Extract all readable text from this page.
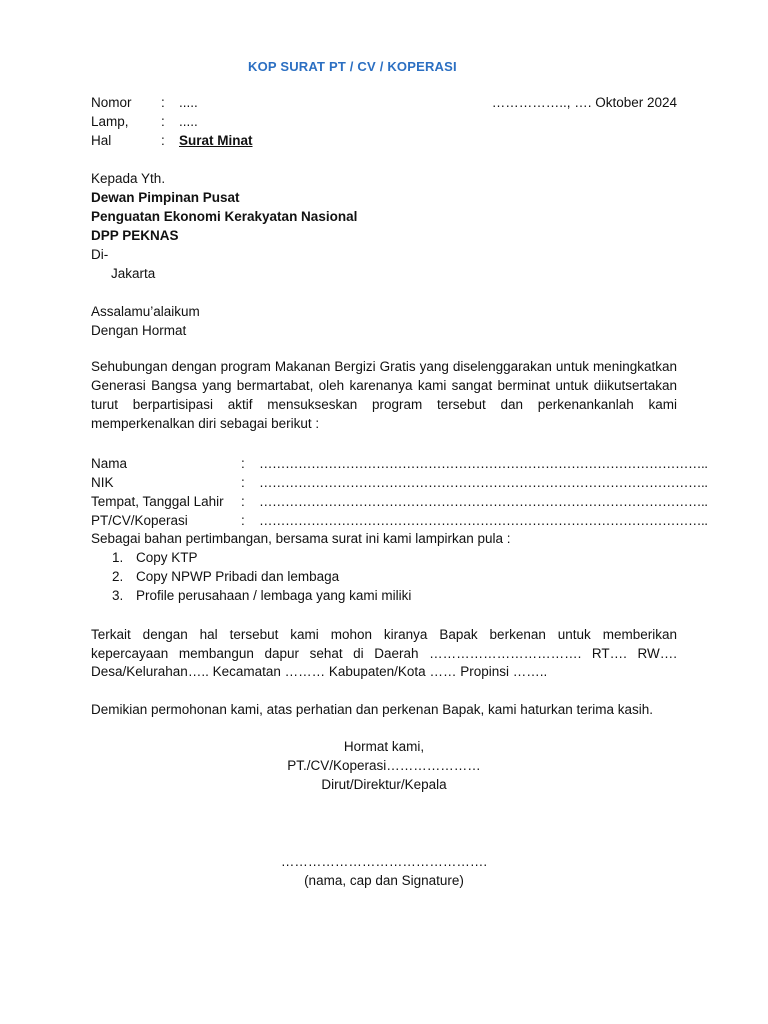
KOP SURAT PT / CV / KOPERASI
Nomor : .....	…………….., …. Oktober 2024
Lamp, : .....
Hal	: Surat Minat
Kepada Yth.
Dewan Pimpinan Pusat
Penguatan Ekonomi Kerakyatan Nasional
DPP PEKNAS
Di-
Jakarta
Assalamu’alaikum
Dengan Hormat
Sehubungan dengan program Makanan Bergizi Gratis yang diselenggarakan untuk meningkatkan Generasi Bangsa yang bermartabat, oleh karenanya kami sangat berminat untuk diikutsertakan turut berpartisipasi aktif mensukseskan program tersebut dan perkenankanlah kami memperkenalkan diri sebagai berikut :
Nama	: …………………………………………………………………………………………..
NIK	: …………………………………………………………………………………………..
Tempat, Tanggal Lahir : …………………………………………………………………………………………..
PT/CV/Koperasi	: …………………………………………………………………………………………..
Sebagai bahan pertimbangan, bersama surat ini kami lampirkan pula :
1. Copy KTP
2. Copy NPWP Pribadi dan lembaga
3. Profile perusahaan / lembaga yang kami miliki
Terkait dengan hal tersebut kami mohon kiranya Bapak berkenan untuk memberikan
kepercayaan membangun dapur sehat di Daerah ……………………………. RT…. RW….
Desa/Kelurahan….. Kecamatan ……… Kabupaten/Kota …… Propinsi ……..
Demikian permohonan kami, atas perhatian dan perkenan Bapak, kami haturkan terima kasih.
Hormat kami,
PT./CV/Koperasi…………………
Dirut/Direktur/Kepala
……………………………………….
(nama, cap dan Signature)
